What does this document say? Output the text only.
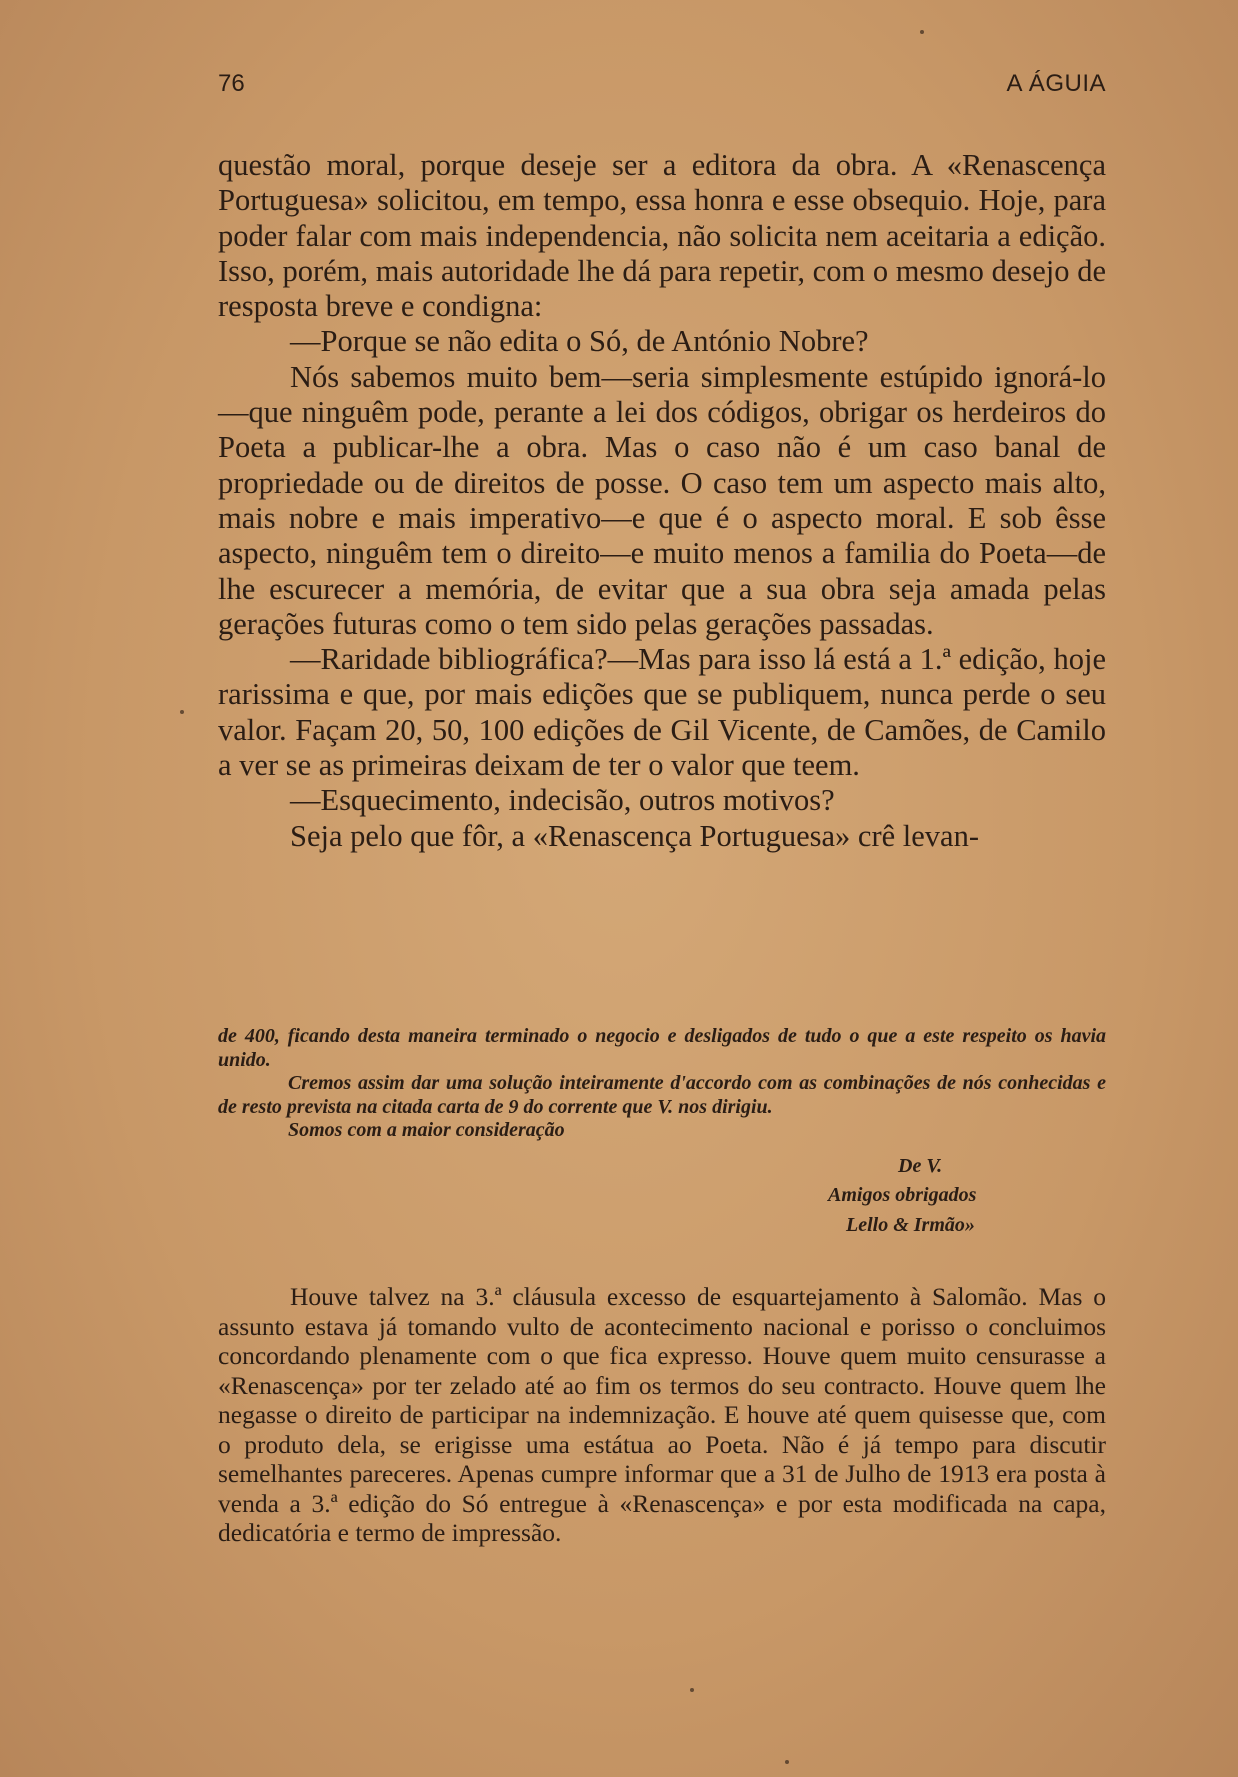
76	A ÁGUIA

questão moral, porque deseje ser a editora da obra. A «Renascença Portuguesa» solicitou, em tempo, essa honra e esse obsequio. Hoje, para poder falar com mais independencia, não solicita nem aceitaria a edição. Isso, porém, mais autoridade lhe dá para repetir, com o mesmo desejo de resposta breve e condigna:

—Porque se não edita o Só, de António Nobre?

Nós sabemos muito bem—seria simplesmente estúpido ignorá-lo—que ninguêm pode, perante a lei dos códigos, obrigar os herdeiros do Poeta a publicar-lhe a obra. Mas o caso não é um caso banal de propriedade ou de direitos de posse. O caso tem um aspecto mais alto, mais nobre e mais imperativo—e que é o aspecto moral. E sob êsse aspecto, ninguêm tem o direito—e muito menos a familia do Poeta—de lhe escurecer a memória, de evitar que a sua obra seja amada pelas gerações futuras como o tem sido pelas gerações passadas.

—Raridade bibliográfica?—Mas para isso lá está a 1.ª edição, hoje rarissima e que, por mais edições que se publiquem, nunca perde o seu valor. Façam 20, 50, 100 edições de Gil Vicente, de Camões, de Camilo a ver se as primeiras deixam de ter o valor que teem.

—Esquecimento, indecisão, outros motivos?

Seja pelo que fôr, a «Renascença Portuguesa» crê levan-

de 400, ficando desta maneira terminado o negocio e desligados de tudo o que a este respeito os havia unido.

Cremos assim dar uma solução inteiramente d'accordo com as combinações de nós conhecidas e de resto prevista na citada carta de 9 do corrente que V. nos dirigiu.

Somos com a maior consideração

De V.

Amigos obrigados

Lello & Irmão»

Houve talvez na 3.ª cláusula excesso de esquartejamento à Salomão. Mas o assunto estava já tomando vulto de acontecimento nacional e porisso o concluimos concordando plenamente com o que fica expresso. Houve quem muito censurasse a «Renascença» por ter zelado até ao fim os termos do seu contracto. Houve quem lhe negasse o direito de participar na indemnização. E houve até quem quisesse que, com o produto dela, se erigisse uma estátua ao Poeta. Não é já tempo para discutir semelhantes pareceres. Apenas cumpre informar que a 31 de Julho de 1913 era posta à venda a 3.ª edição do Só entregue à «Renascença» e por esta modificada na capa, dedicatória e termo de impressão.
